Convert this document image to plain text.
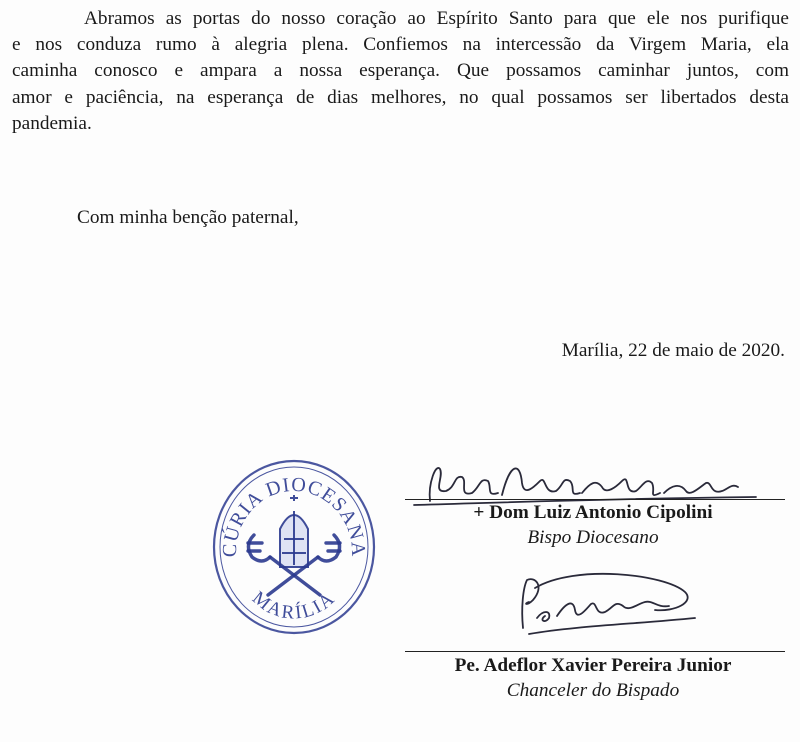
Abramos as portas do nosso coração ao Espírito Santo para que ele nos purifique
e nos conduza rumo à alegria plena. Confiemos na intercessão da Virgem Maria, ela
caminha conosco e ampara a nossa esperança. Que possamos caminhar juntos, com
amor e paciência, na esperança de dias melhores, no qual possamos ser libertados desta
pandemia.

Com minha benção paternal,

Marília, 22 de maio de 2020.

CÚRIA DIOCESANA
MARÍLIA
+ Dom Luiz Antonio Cipolini
Bispo Diocesano
Pe. Adeflor Xavier Pereira Junior
Chanceler do Bispado
